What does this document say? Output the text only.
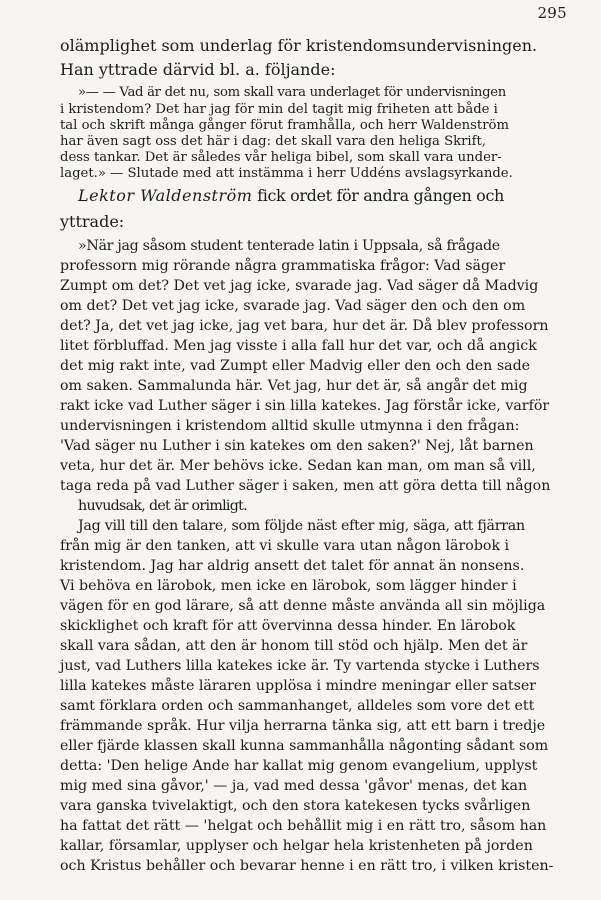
295
olämplighet som underlag för kristendomsundervisningen.
Han yttrade därvid bl. a. följande:
»— — Vad är det nu, som skall vara underlaget för undervisningen
i kristendom? Det har jag för min del tagit mig friheten att både i
tal och skrift många gånger förut framhålla, och herr Waldenström
har även sagt oss det här i dag: det skall vara den heliga Skrift,
dess tankar. Det är således vår heliga bibel, som skall vara under-
laget.» — Slutade med att instämma i herr Uddéns avslagsyrkande.
Lektor Waldenström fick ordet för andra gången och
yttrade:
»När jag såsom student tenterade latin i Uppsala, så frågade
professorn mig rörande några grammatiska frågor: Vad säger
Zumpt om det? Det vet jag icke, svarade jag. Vad säger då Madvig
om det? Det vet jag icke, svarade jag. Vad säger den och den om
det? Ja, det vet jag icke, jag vet bara, hur det är. Då blev professorn
litet förbluffad. Men jag visste i alla fall hur det var, och då angick
det mig rakt inte, vad Zumpt eller Madvig eller den och den sade
om saken. Sammalunda här. Vet jag, hur det är, så angår det mig
rakt icke vad Luther säger i sin lilla katekes. Jag förstår icke, varför
undervisningen i kristendom alltid skulle utmynna i den frågan:
'Vad säger nu Luther i sin katekes om den saken?' Nej, låt barnen
veta, hur det är. Mer behövs icke. Sedan kan man, om man så vill,
taga reda på vad Luther säger i saken, men att göra detta till någon
huvudsak, det är orimligt.
Jag vill till den talare, som följde näst efter mig, säga, att fjärran
från mig är den tanken, att vi skulle vara utan någon lärobok i
kristendom. Jag har aldrig ansett det talet för annat än nonsens.
Vi behöva en lärobok, men icke en lärobok, som lägger hinder i
vägen för en god lärare, så att denne måste använda all sin möjliga
skicklighet och kraft för att övervinna dessa hinder. En lärobok
skall vara sådan, att den är honom till stöd och hjälp. Men det är
just, vad Luthers lilla katekes icke är. Ty vartenda stycke i Luthers
lilla katekes måste läraren upplösa i mindre meningar eller satser
samt förklara orden och sammanhanget, alldeles som vore det ett
främmande språk. Hur vilja herrarna tänka sig, att ett barn i tredje
eller fjärde klassen skall kunna sammanhålla någonting sådant som
detta: 'Den helige Ande har kallat mig genom evangelium, upplyst
mig med sina gåvor,' — ja, vad med dessa 'gåvor' menas, det kan
vara ganska tvivelaktigt, och den stora katekesen tycks svårligen
ha fattat det rätt — 'helgat och behållit mig i en rätt tro, såsom han
kallar, församlar, upplyser och helgar hela kristenheten på jorden
och Kristus behåller och bevarar henne i en rätt tro, i vilken kristen-
